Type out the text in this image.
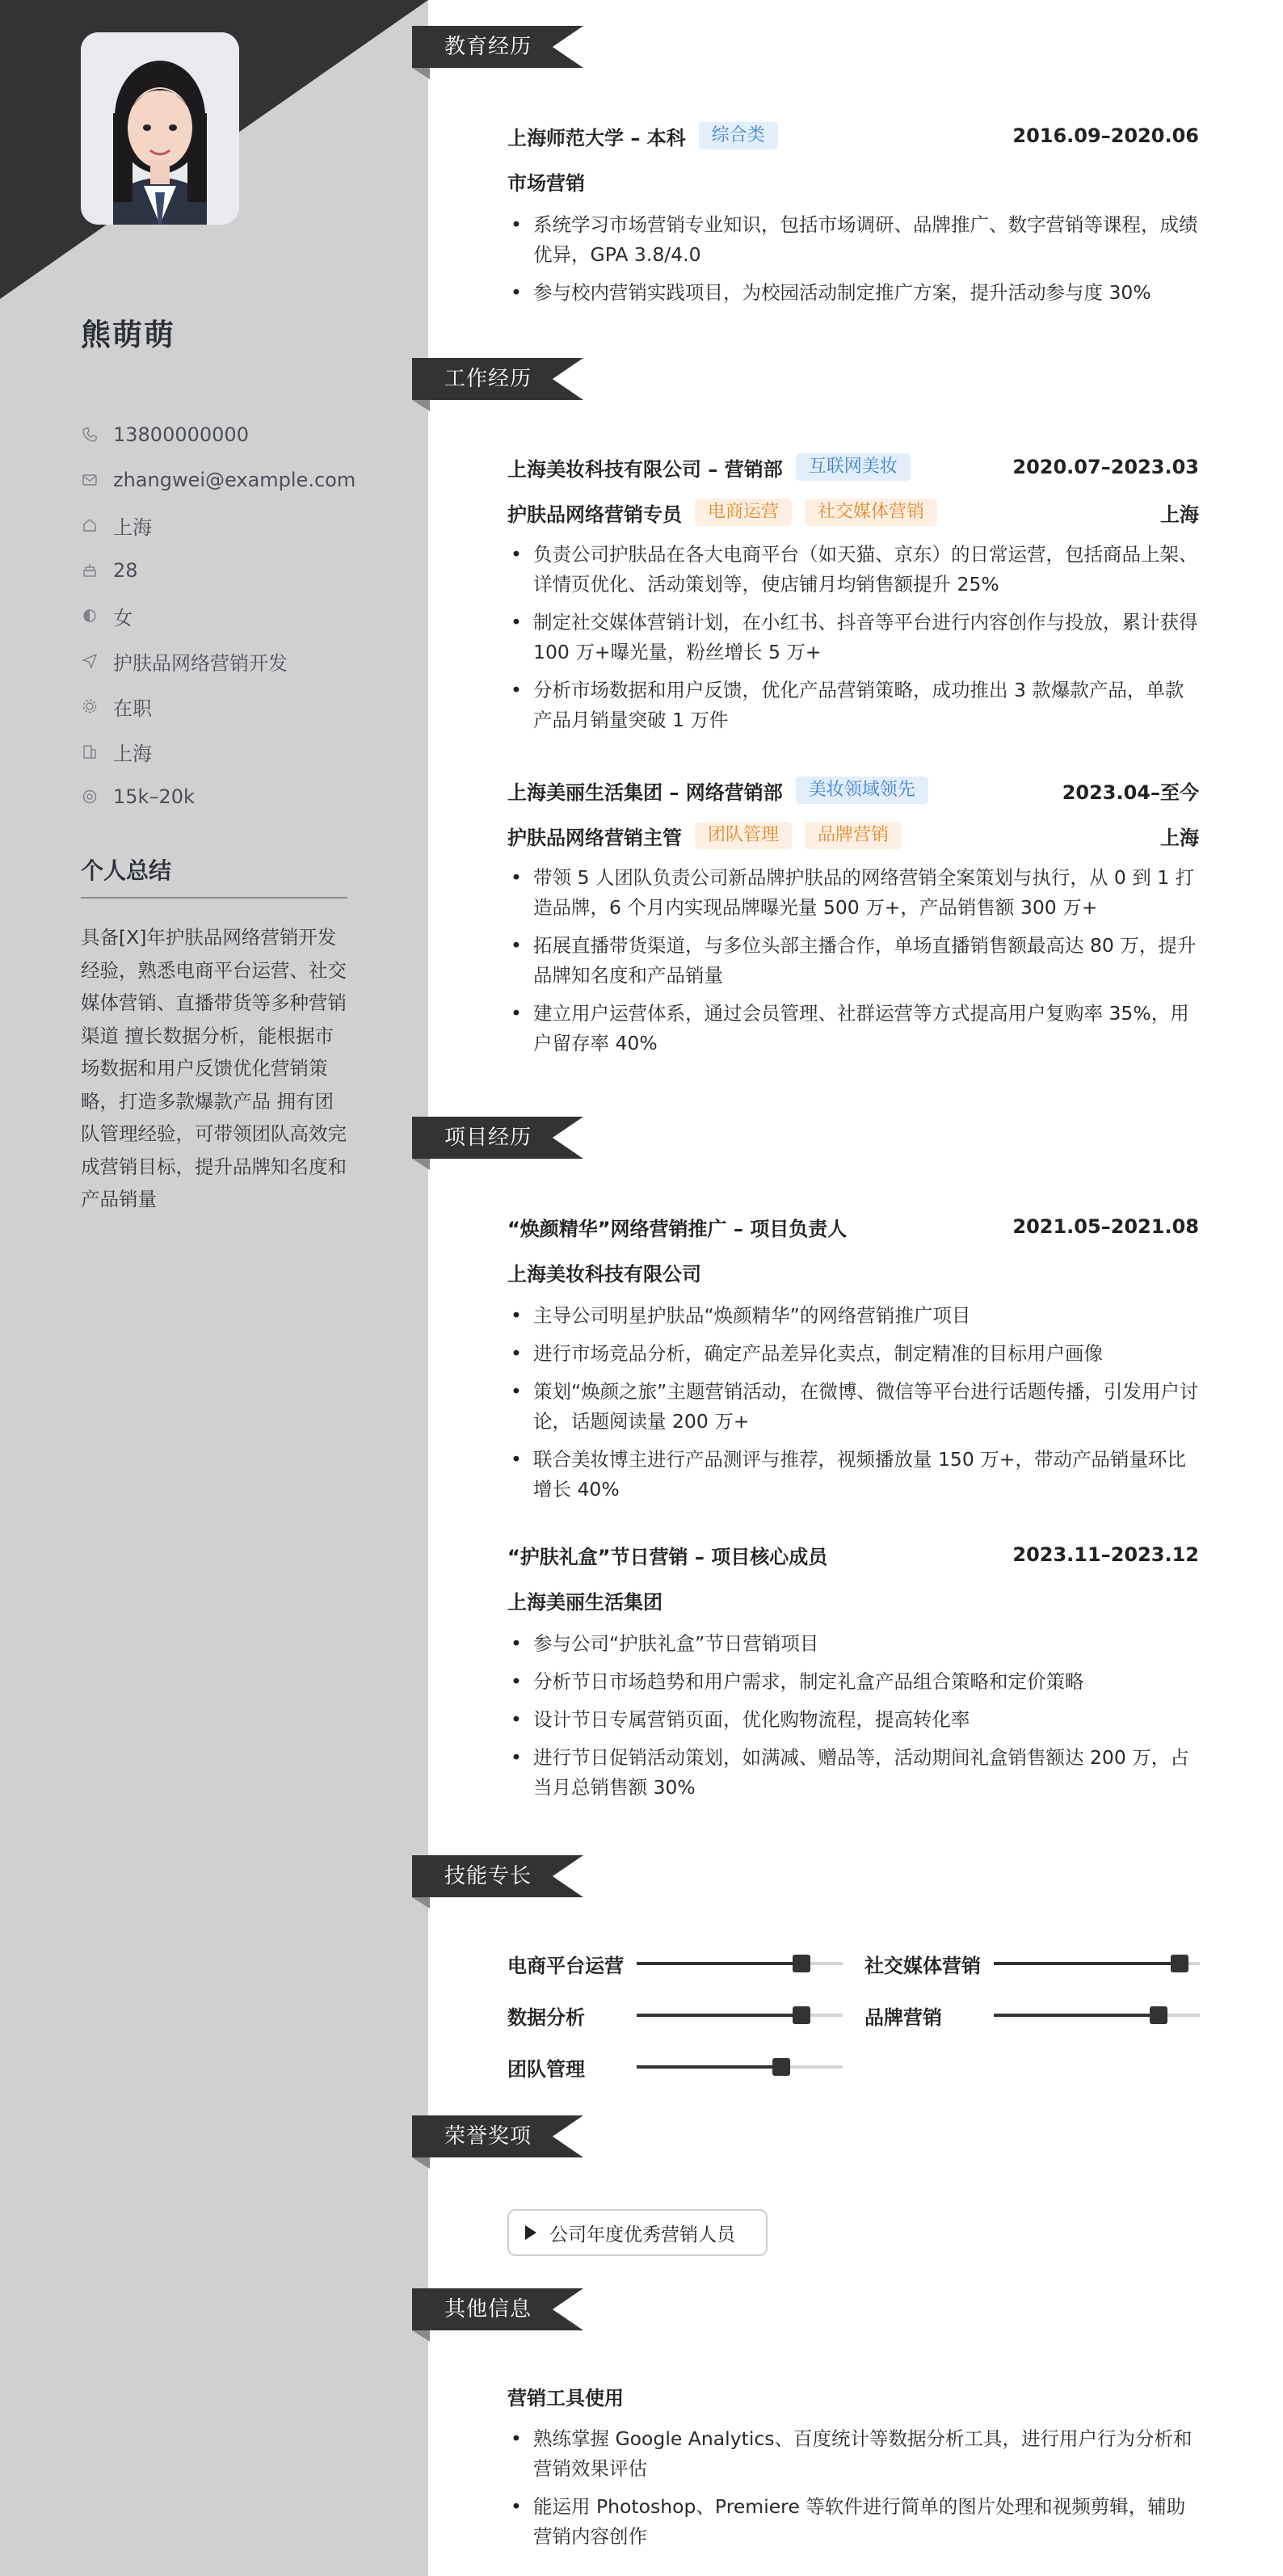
熊萌萌
13800000000
zhangwei@example.com
上海
28
女
护肤品网络营销开发
在职
上海
15k–20k
个人总结
具备[X]年护肤品网络营销开发经验，熟悉电商平台运营、社交媒体营销、直播带货等多种营销渠道 擅长数据分析，能根据市场数据和用户反馈优化营销策略，打造多款爆款产品 拥有团队管理经验，可带领团队高效完成营销目标，提升品牌知名度和产品销量
教育经历
工作经历
项目经历
技能专长
荣誉奖项
其他信息
上海师范大学 – 本科	综合类	2016.09–2020.06
市场营销
• 系统学习市场营销专业知识，包括市场调研、品牌推广、数字营销等课程，成绩优异，GPA 3.8/4.0
• 参与校内营销实践项目，为校园活动制定推广方案，提升活动参与度 30%
上海美妆科技有限公司 – 营销部	互联网美妆	2020.07–2023.03
护肤品网络营销专员	电商运营	社交媒体营销	上海
• 负责公司护肤品在各大电商平台（如天猫、京东）的日常运营，包括商品上架、详情页优化、活动策划等，使店铺月均销售额提升 25%
• 制定社交媒体营销计划，在小红书、抖音等平台进行内容创作与投放，累计获得 100 万+曝光量，粉丝增长 5 万+
• 分析市场数据和用户反馈，优化产品营销策略，成功推出 3 款爆款产品，单款产品月销量突破 1 万件
上海美丽生活集团 – 网络营销部	美妆领域领先	2023.04–至今
护肤品网络营销主管	团队管理	品牌营销	上海
• 带领 5 人团队负责公司新品牌护肤品的网络营销全案策划与执行，从 0 到 1 打造品牌，6 个月内实现品牌曝光量 500 万+，产品销售额 300 万+
• 拓展直播带货渠道，与多位头部主播合作，单场直播销售额最高达 80 万，提升品牌知名度和产品销量
• 建立用户运营体系，通过会员管理、社群运营等方式提高用户复购率 35%，用户留存率 40%
“焕颜精华”网络营销推广 – 项目负责人	2021.05–2021.08
上海美妆科技有限公司
• 主导公司明星护肤品“焕颜精华”的网络营销推广项目
• 进行市场竞品分析，确定产品差异化卖点，制定精准的目标用户画像
• 策划“焕颜之旅”主题营销活动，在微博、微信等平台进行话题传播，引发用户讨论，话题阅读量 200 万+
• 联合美妆博主进行产品测评与推荐，视频播放量 150 万+，带动产品销量环比增长 40%
“护肤礼盒”节日营销 – 项目核心成员	2023.11–2023.12
上海美丽生活集团
• 参与公司“护肤礼盒”节日营销项目
• 分析节日市场趋势和用户需求，制定礼盒产品组合策略和定价策略
• 设计节日专属营销页面，优化购物流程，提高转化率
• 进行节日促销活动策划，如满减、赠品等，活动期间礼盒销售额达 200 万，占当月总销售额 30%
电商平台运营	社交媒体营销
数据分析	品牌营销
团队管理
公司年度优秀营销人员
营销工具使用
• 熟练掌握 Google Analytics、百度统计等数据分析工具，进行用户行为分析和营销效果评估
• 能运用 Photoshop、Premiere 等软件进行简单的图片处理和视频剪辑，辅助营销内容创作
